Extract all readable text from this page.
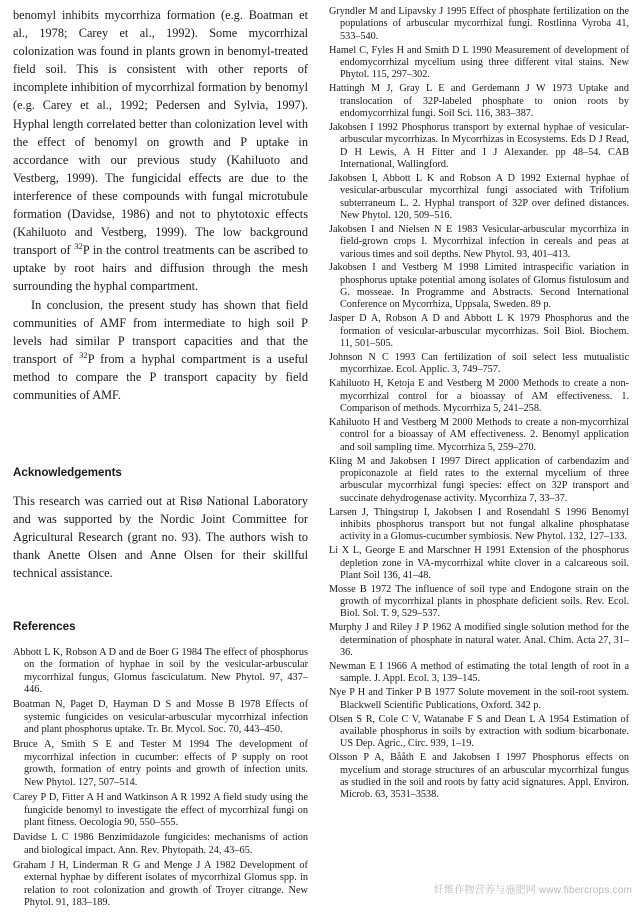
benomyl inhibits mycorrhiza formation (e.g. Boatman et al., 1978; Carey et al., 1992). Some mycorrhizal colonization was found in plants grown in benomyl-treated field soil. This is consistent with other reports of incomplete inhibition of mycorrhizal formation by benomyl (e.g. Carey et al., 1992; Pedersen and Sylvia, 1997). Hyphal length correlated better than colonization level with the effect of benomyl on growth and P uptake in accordance with our previous study (Kahiluoto and Vestberg, 1999). The fungicidal effects are due to the interference of these compounds with fungal microtubule formation (Davidse, 1986) and not to phytotoxic effects (Kahiluoto and Vestberg, 1999). The low background transport of $^{32}$P in the control treatments can be ascribed to uptake by root hairs and diffusion through the mesh surrounding the hyphal compartment.

In conclusion, the present study has shown that field communities of AMF from intermediate to high soil P levels had similar P transport capacities and that the transport of $^{32}$P from a hyphal compartment is a useful method to compare the P transport capacity by field communities of AMF.

Acknowledgements

This research was carried out at Risø National Laboratory and was supported by the Nordic Joint Committee for Agricultural Research (grant no. 93). The authors wish to thank Anette Olsen and Anne Olsen for their skillful technical assistance.

References

Abbott L K, Robson A D and de Boer G 1984 The effect of phosphorus on the formation of hyphae in soil by the vesicular-arbuscular mycorrhizal fungus, Glomus fasciculatum. New Phytol. 97, 437–446.

Boatman N, Paget D, Hayman D S and Mosse B 1978 Effects of systemic fungicides on vesicular-arbuscular mycorrhizal infection and plant phosphorus uptake. Tr. Br. Mycol. Soc. 70, 443–450.

Bruce A, Smith S E and Tester M 1994 The development of mycorrhizal infection in cucumber: effects of P supply on root growth, formation of entry points and growth of infection units. New Phytol. 127, 507–514.

Carey P D, Fitter A H and Watkinson A R 1992 A field study using the fungicide benomyl to investigate the effect of mycorrhizal fungi on plant fitness. Oecologia 90, 550–555.

Davidse L C 1986 Benzimidazole fungicides: mechanisms of action and biological impact. Ann. Rev. Phytopath. 24, 43–65.

Graham J H, Linderman R G and Menge J A 1982 Development of external hyphae by different isolates of mycorrhizal Glomus spp. in relation to root colonization and growth of Troyer citrange. New Phytol. 91, 183–189.

Gryndler M and Lipavsky J 1995 Effect of phosphate fertilization on the populations of arbuscular mycorrhizal fungi. Rostlinna Vyroba 41, 533–540.

Hamel C, Fyles H and Smith D L 1990 Measurement of development of endomycorrhizal mycelium using three different vital stains. New Phytol. 115, 297–302.

Hattingh M J, Gray L E and Gerdemann J W 1973 Uptake and translocation of 32P-labeled phosphate to onion roots by endomycorrhizal fungi. Soil Sci. 116, 383–387.

Jakobsen I 1992 Phosphorus transport by external hyphae of vesicular-arbuscular mycorrhizas. In Mycorrhizas in Ecosystems. Eds D J Read, D H Lewis, A H Fitter and I J Alexander. pp 48–54. CAB International, Wallingford.

Jakobsen I, Abbott L K and Robson A D 1992 External hyphae of vesicular-arbuscular mycorrhizal fungi associated with Trifolium subterraneum L. 2. Hyphal transport of 32P over defined distances. New Phytol. 120, 509–516.

Jakobsen I and Nielsen N E 1983 Vesicular-arbuscular mycorrhiza in field-grown crops I. Mycorrhizal infection in cereals and peas at various times and soil depths. New Phytol. 93, 401–413.

Jakobsen I and Vestberg M 1998 Limited intraspecific variation in phosphorus uptake potential among isolates of Glomus fistulosum and G. mosseae. In Programme and Abstracts. Second International Conference on Mycorrhiza, Uppsala, Sweden. 89 p.

Jasper D A, Robson A D and Abbott L K 1979 Phosphorus and the formation of vesicular-arbuscular mycorrhizas. Soil Biol. Biochem. 11, 501–505.

Johnson N C 1993 Can fertilization of soil select less mutualistic mycorrhizae. Ecol. Applic. 3, 749–757.

Kahiluoto H, Ketoja E and Vestberg M 2000 Methods to create a non-mycorrhizal control for a bioassay of AM effectiveness. 1. Comparison of methods. Mycorrhiza 5, 241–258.

Kahiluoto H and Vestberg M 2000 Methods to create a non-mycorrhizal control for a bioassay of AM effectiveness. 2. Benomyl application and soil sampling time. Mycorrhiza 5, 259–270.

Kling M and Jakobsen I 1997 Direct application of carbendazim and propiconazole at field rates to the external mycelium of three arbuscular mycorrhizal fungi species: effect on 32P transport and succinate dehydrogenase activity. Mycorrhiza 7, 33–37.

Larsen J, Thingstrup I, Jakobsen I and Rosendahl S 1996 Benomyl inhibits phosphorus transport but not fungal alkaline phosphatase activity in a Glomus-cucumber symbiosis. New Phytol. 132, 127–133.

Li X L, George E and Marschner H 1991 Extension of the phosphorus depletion zone in VA-mycorrhizal white clover in a calcareous soil. Plant Soil 136, 41–48.

Mosse B 1972 The influence of soil type and Endogone strain on the growth of mycorrhizal plants in phosphate deficient soils. Rev. Ecol. Biol. Sol. T. 9, 529–537.

Murphy J and Riley J P 1962 A modified single solution method for the determination of phosphate in natural water. Anal. Chim. Acta 27, 31–36.

Newman E I 1966 A method of estimating the total length of root in a sample. J. Appl. Ecol. 3, 139–145.

Nye P H and Tinker P B 1977 Solute movement in the soil-root system. Blackwell Scientific Publications, Oxford. 342 p.

Olsen S R, Cole C V, Watanabe F S and Dean L A 1954 Estimation of available phosphorus in soils by extraction with sodium bicarbonate. US Dep. Agric., Circ. 939, 1–19.

Olsson P A, Bååth E and Jakobsen I 1997 Phosphorus effects on mycelium and storage structures of an arbuscular mycorrhizal fungus as studied in the soil and roots by fatty acid signatures. Appl. Environ. Microb. 63, 3531–3538.

纤维作物营养与施肥网 www.fibercrops.com
